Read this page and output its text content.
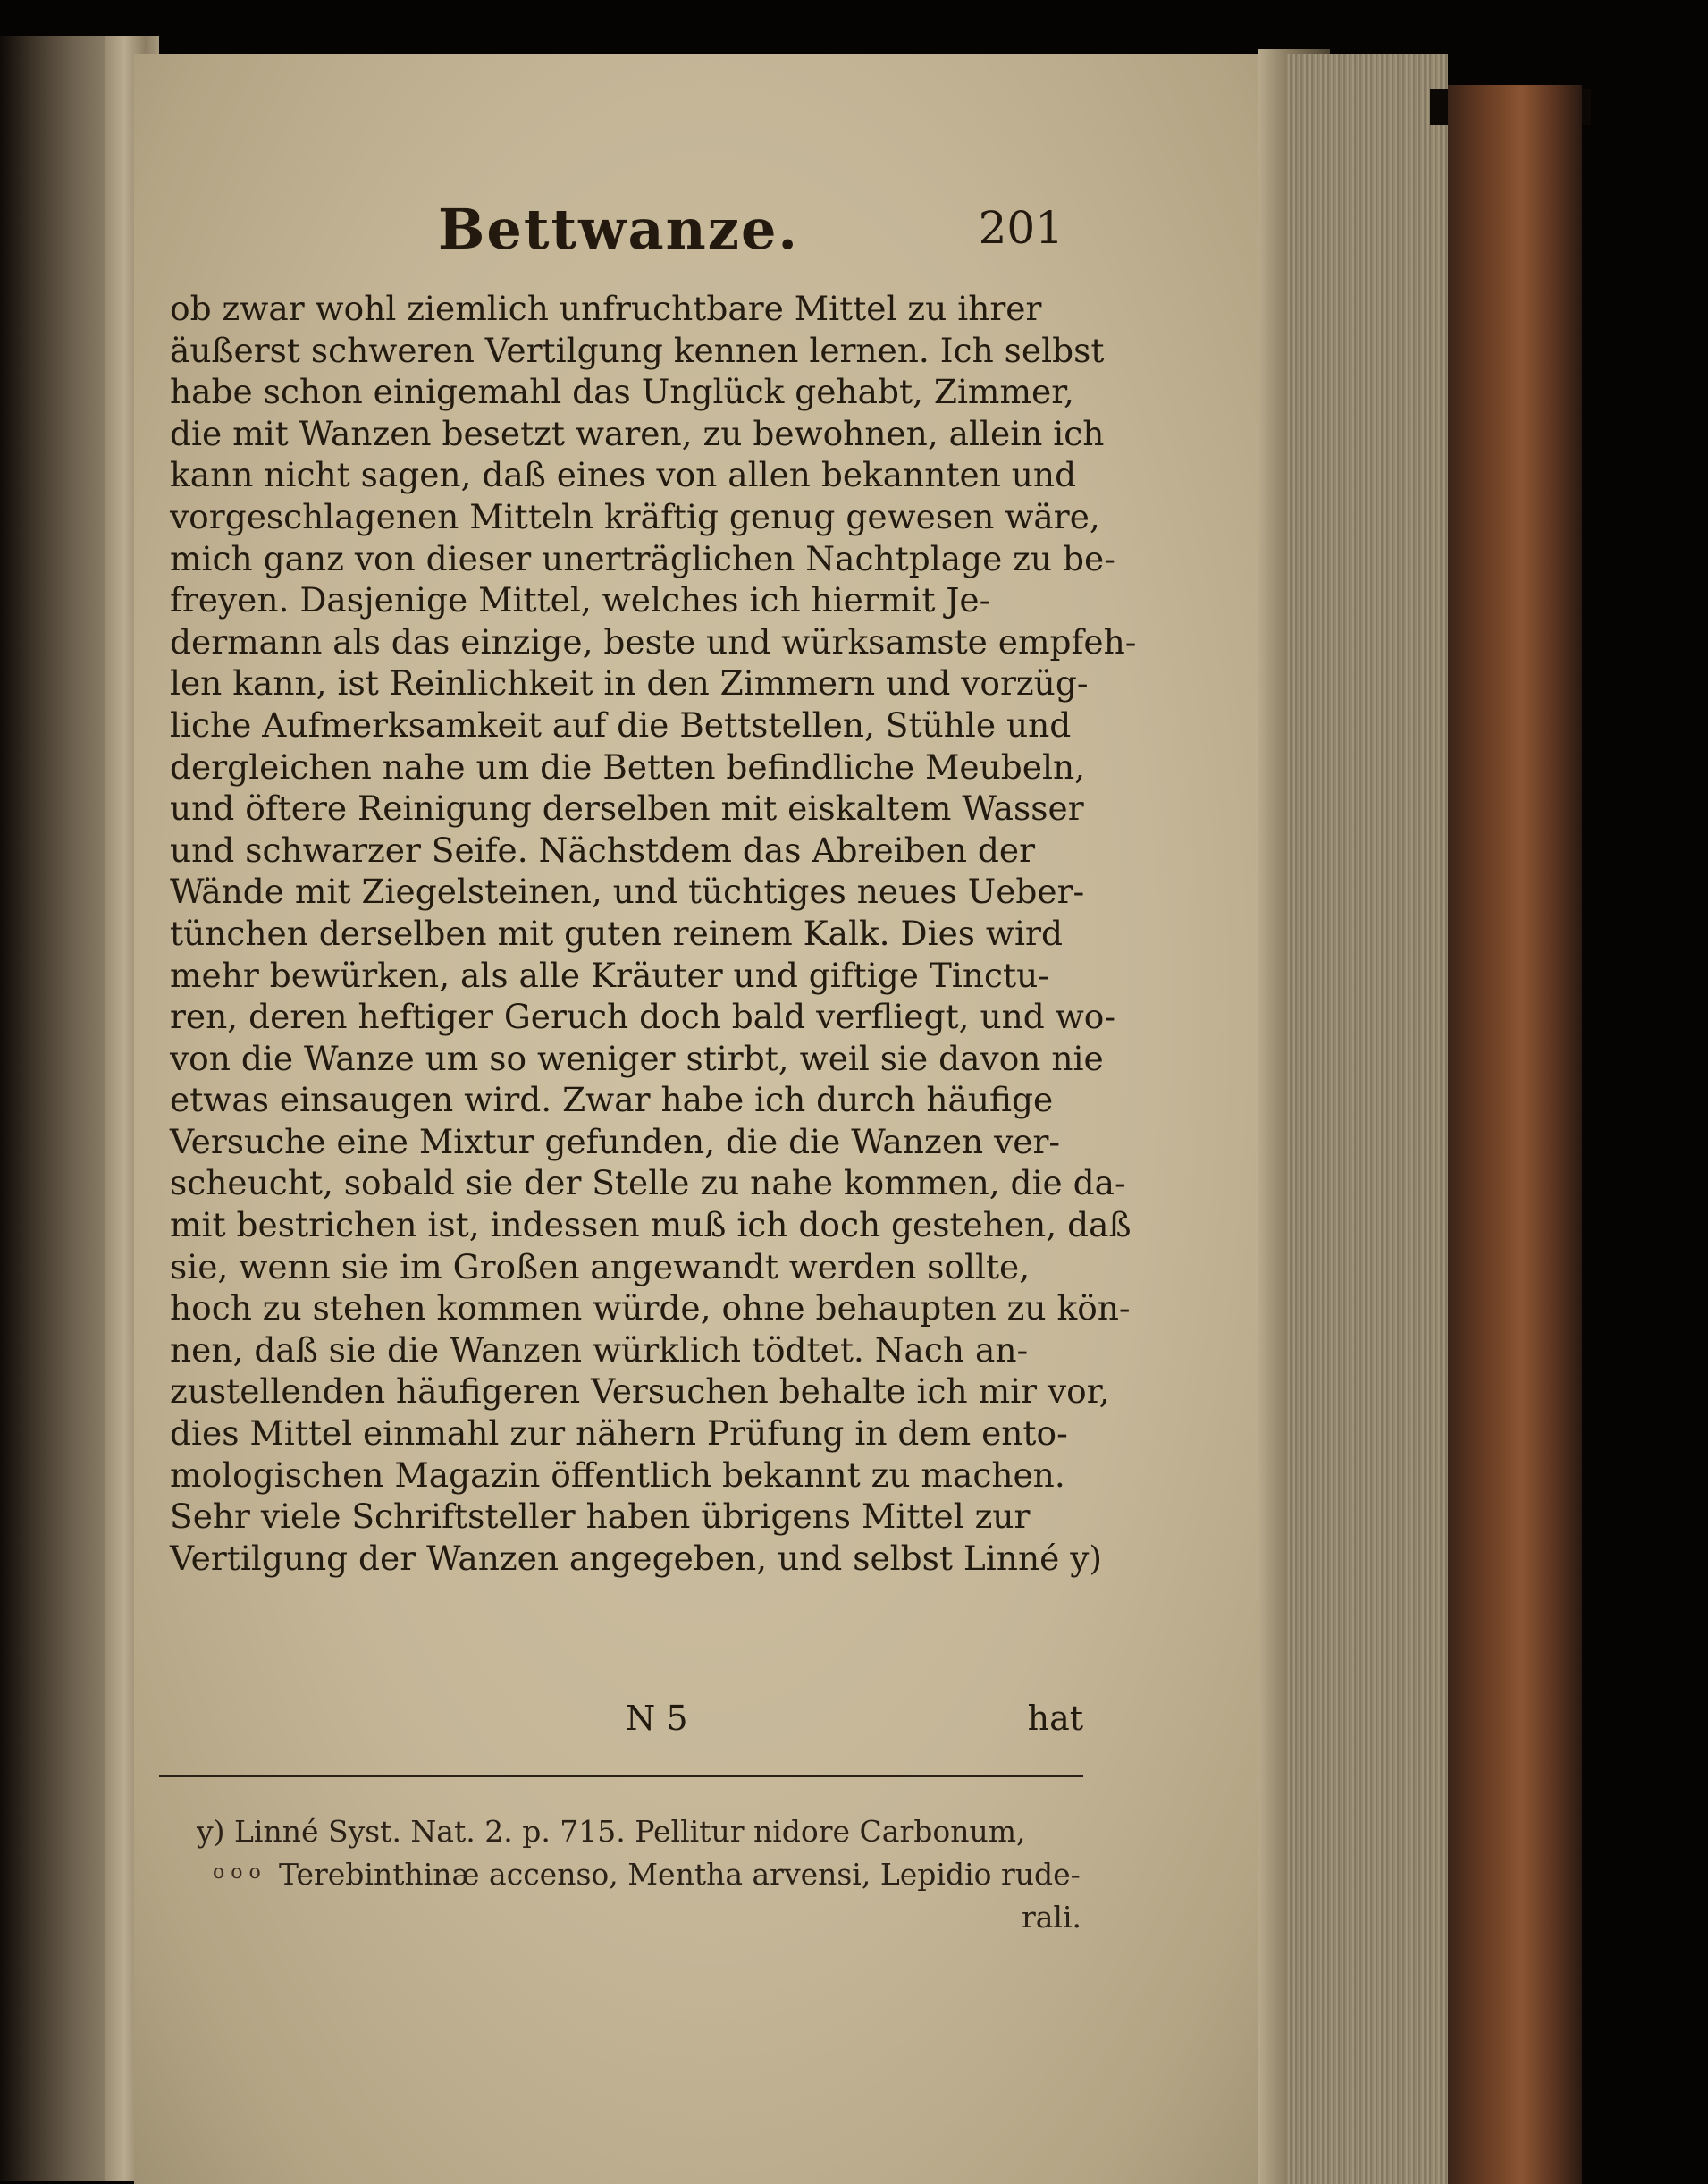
Bettwanze.	201
ob zwar wohl ziemlich unfruchtbare Mittel zu ihrer
äußerst schweren Vertilgung kennen lernen. Ich selbst
habe schon einigemahl das Unglück gehabt, Zimmer,
die mit Wanzen besetzt waren, zu bewohnen, allein ich
kann nicht sagen, daß eines von allen bekannten und
vorgeschlagenen Mitteln kräftig genug gewesen wäre,
mich ganz von dieser unerträglichen Nachtplage zu be-
freyen. Dasjenige Mittel, welches ich hiermit Je-
dermann als das einzige, beste und würksamste empfeh-
len kann, ist Reinlichkeit in den Zimmern und vorzüg-
liche Aufmerksamkeit auf die Bettstellen, Stühle und
dergleichen nahe um die Betten befindliche Meubeln,
und öftere Reinigung derselben mit eiskaltem Wasser
und schwarzer Seife. Nächstdem das Abreiben der
Wände mit Ziegelsteinen, und tüchtiges neues Ueber-
tünchen derselben mit guten reinem Kalk. Dies wird
mehr bewürken, als alle Kräuter und giftige Tinctu-
ren, deren heftiger Geruch doch bald verfliegt, und wo-
von die Wanze um so weniger stirbt, weil sie davon nie
etwas einsaugen wird. Zwar habe ich durch häufige
Versuche eine Mixtur gefunden, die die Wanzen ver-
scheucht, sobald sie der Stelle zu nahe kommen, die da-
mit bestrichen ist, indessen muß ich doch gestehen, daß
sie, wenn sie im Großen angewandt werden sollte,
hoch zu stehen kommen würde, ohne behaupten zu kön-
nen, daß sie die Wanzen würklich tödtet. Nach an-
zustellenden häufigeren Versuchen behalte ich mir vor,
dies Mittel einmahl zur nähern Prüfung in dem ento-
mologischen Magazin öffentlich bekannt zu machen.
Sehr viele Schriftsteller haben übrigens Mittel zur
Vertilgung der Wanzen angegeben, und selbst Linné y)
N 5	hat
y) Linné Syst. Nat. 2. p. 715. Pellitur nidore Carbonum,
Terebinthinæ accenso, Mentha arvensi, Lepidio rude-
rali.
o o o
